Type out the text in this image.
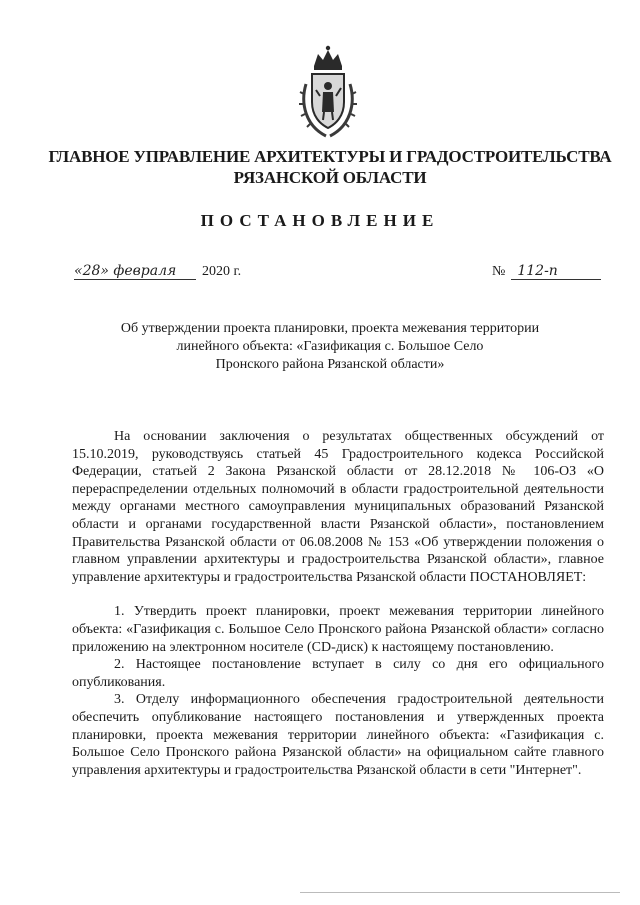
ГЛАВНОЕ УПРАВЛЕНИЕ АРХИТЕКТУРЫ И ГРАДОСТРОИТЕЛЬСТВА
РЯЗАНСКОЙ ОБЛАСТИ
ПОСТАНОВЛЕНИЕ
«28» февраля 2020 г.	№ 112-п
Об утверждении проекта планировки, проекта межевания территории
линейного объекта: «Газификация с. Большое Село
Пронского района Рязанской области»

На основании заключения о результатах общественных обсуждений от 15.10.2019, руководствуясь статьей 45 Градостроительного кодекса Российской Федерации, статьей 2 Закона Рязанской области от 28.12.2018 № 106-ОЗ «О перераспределении отдельных полномочий в области градостроительной деятельности между органами местного самоуправления муниципальных образований Рязанской области и органами государственной власти Рязанской области», постановлением Правительства Рязанской области от 06.08.2008 № 153 «Об утверждении положения о главном управлении архитектуры и градостроительства Рязанской области», главное управление архитектуры и градостроительства Рязанской области ПОСТАНОВЛЯЕТ:

1. Утвердить проект планировки, проект межевания территории линейного объекта: «Газификация с. Большое Село Пронского района Рязанской области» согласно приложению на электронном носителе (CD-диск) к настоящему постановлению.

2. Настоящее постановление вступает в силу со дня его официального опубликования.

3. Отделу информационного обеспечения градостроительной деятельности обеспечить опубликование настоящего постановления и утвержденных проекта планировки, проекта межевания территории линейного объекта: «Газификация с. Большое Село Пронского района Рязанской области» на официальном сайте главного управления архитектуры и градостроительства Рязанской области в сети "Интернет".
